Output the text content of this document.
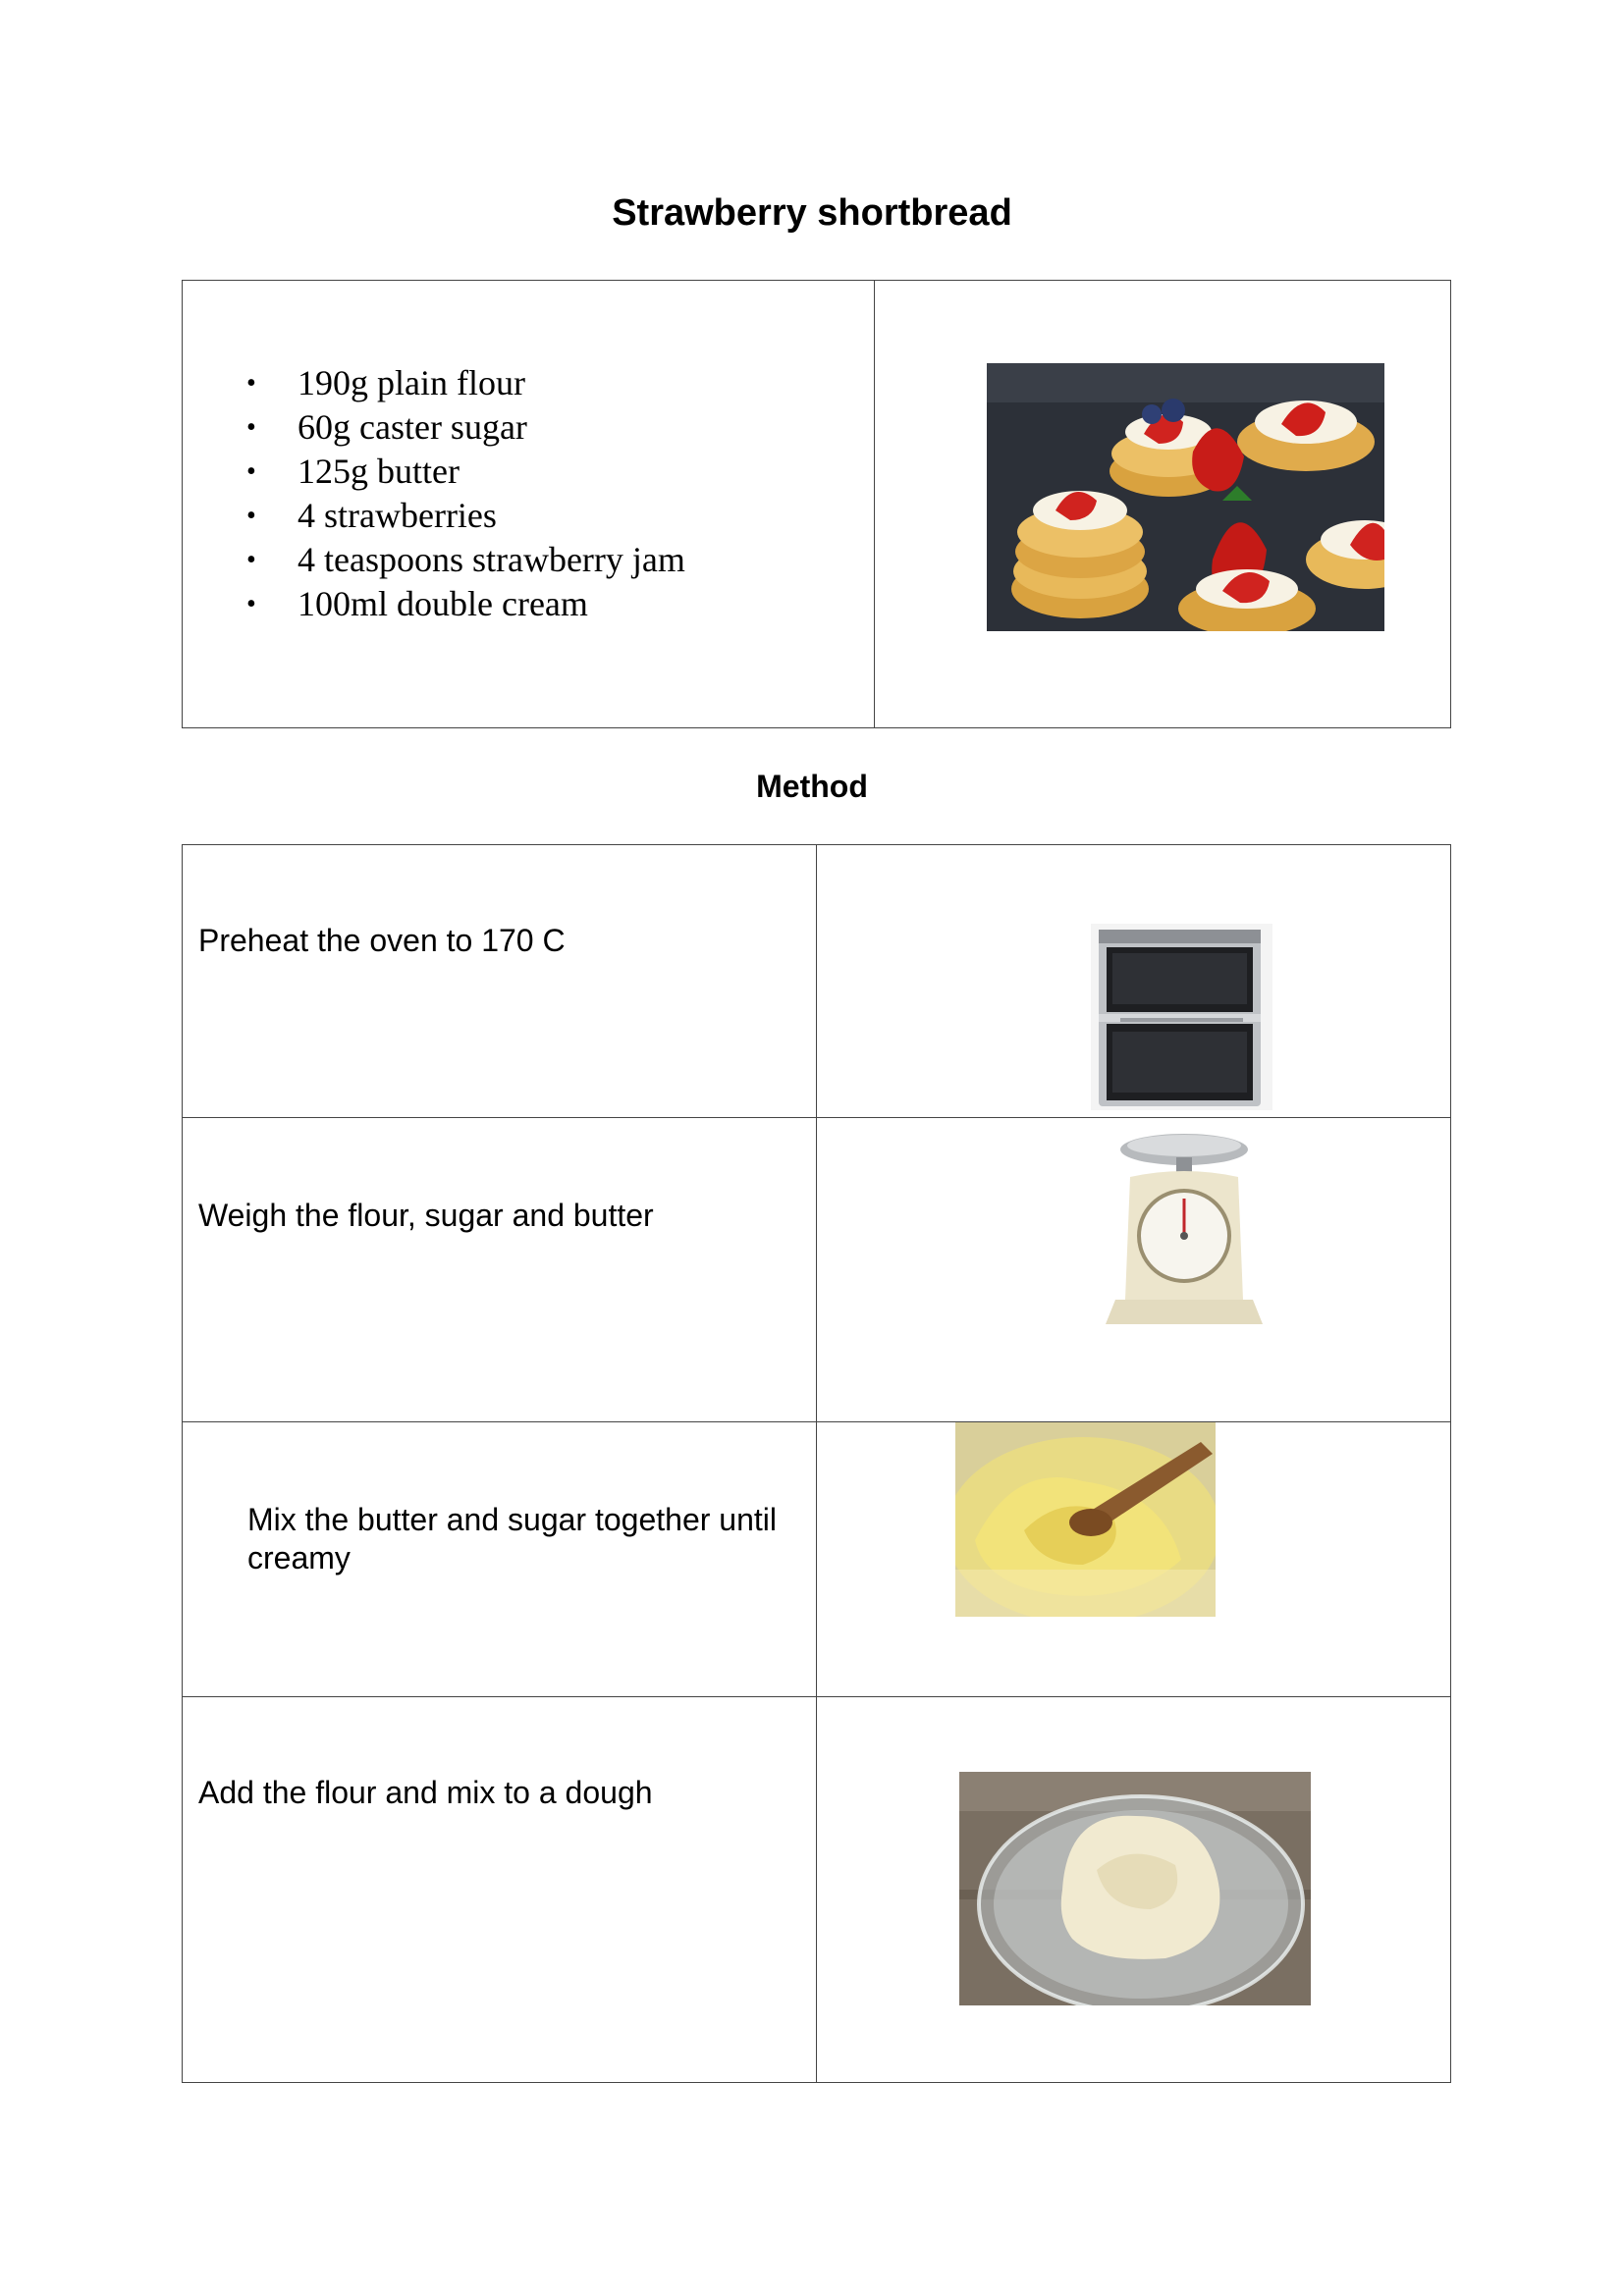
Strawberry shortbread
• 190g plain flour
• 60g caster sugar
• 125g butter
• 4 strawberries
• 4 teaspoons strawberry jam
• 100ml double cream
Method
Preheat the oven to 170 C
Weigh the flour, sugar and butter
Mix the butter and sugar together until creamy
Add the flour and mix to a dough
